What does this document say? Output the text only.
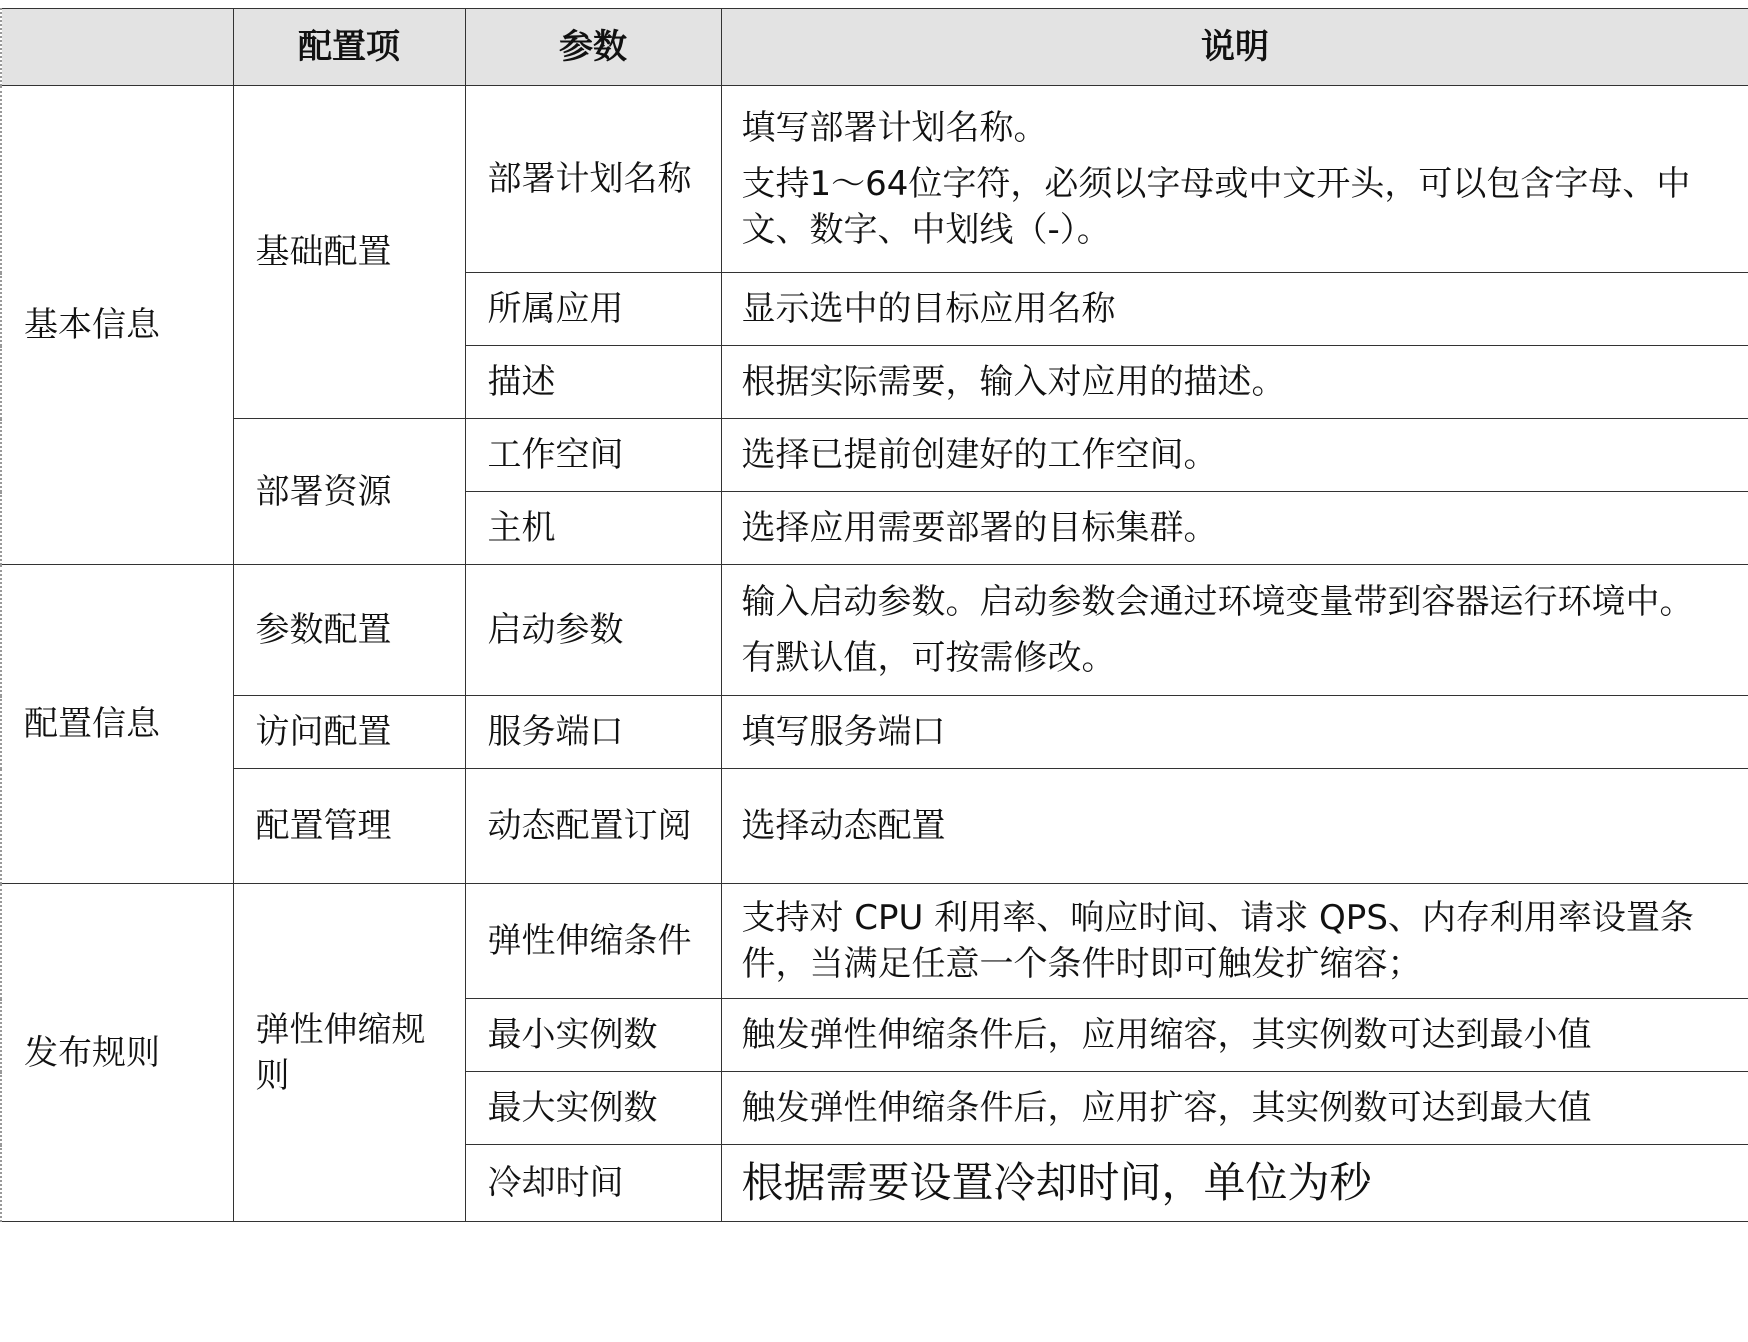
	配置项	参数	说明
基本信息	基础配置	部署计划名称	填写部署计划名称。
支持1～64位字符，必须以字母或中文开头，可以包含字母、中文、数字、中划线（-）。

		所属应用	显示选中的目标应用名称
		描述	根据实际需要，输入对应用的描述。
	部署资源	工作空间	选择已提前创建好的工作空间。
		主机	选择应用需要部署的目标集群。
配置信息	参数配置	启动参数	输入启动参数。启动参数会通过环境变量带到容器运行环境中。
有默认值，可按需修改。

	访问配置	服务端口	填写服务端口
	配置管理	动态配置订阅	选择动态配置
发布规则	弹性伸缩规则	弹性伸缩条件	支持对 CPU 利用率、响应时间、请求 QPS、内存利用率设置条件，当满足任意一个条件时即可触发扩缩容；
		最小实例数	触发弹性伸缩条件后，应用缩容，其实例数可达到最小值
		最大实例数	触发弹性伸缩条件后，应用扩容，其实例数可达到最大值
		冷却时间	根据需要设置冷却时间，单位为秒
